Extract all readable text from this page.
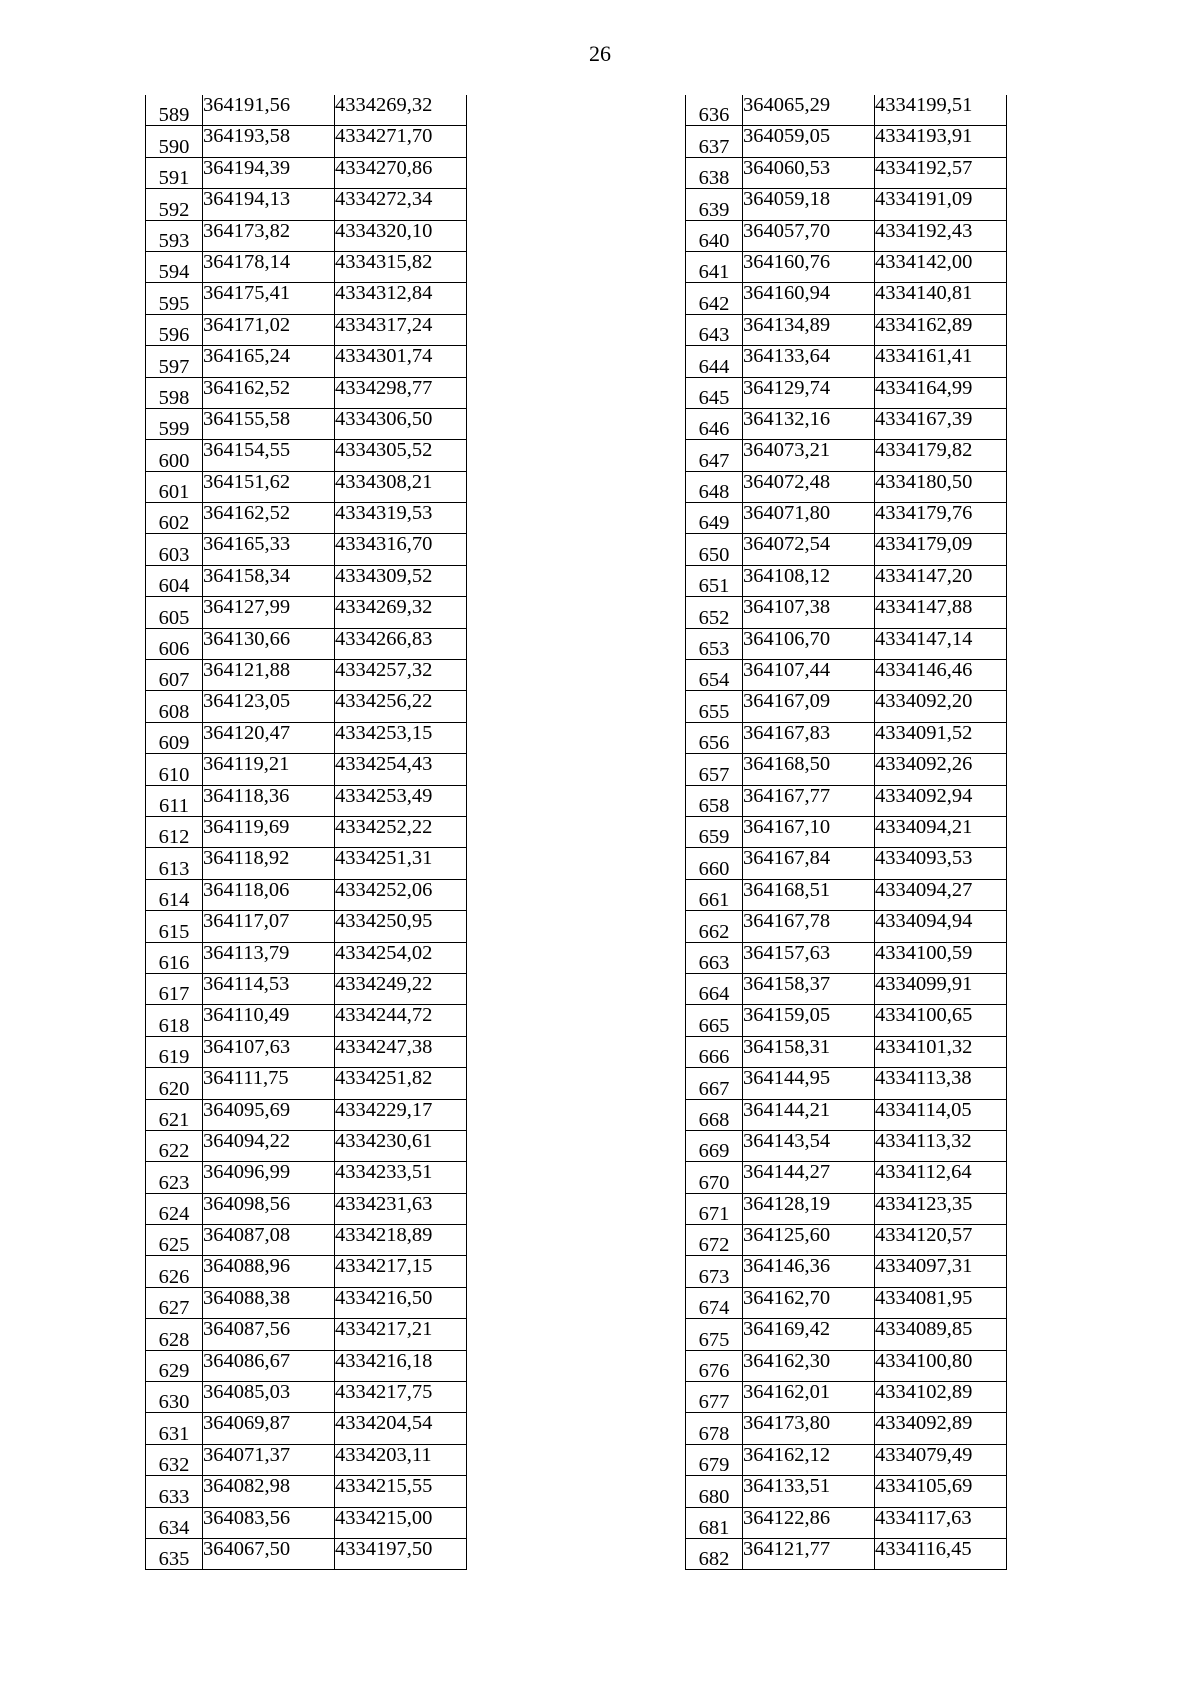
26
589	364191,56	4334269,32
590	364193,58	4334271,70
591	364194,39	4334270,86
592	364194,13	4334272,34
593	364173,82	4334320,10
594	364178,14	4334315,82
595	364175,41	4334312,84
596	364171,02	4334317,24
597	364165,24	4334301,74
598	364162,52	4334298,77
599	364155,58	4334306,50
600	364154,55	4334305,52
601	364151,62	4334308,21
602	364162,52	4334319,53
603	364165,33	4334316,70
604	364158,34	4334309,52
605	364127,99	4334269,32
606	364130,66	4334266,83
607	364121,88	4334257,32
608	364123,05	4334256,22
609	364120,47	4334253,15
610	364119,21	4334254,43
611	364118,36	4334253,49
612	364119,69	4334252,22
613	364118,92	4334251,31
614	364118,06	4334252,06
615	364117,07	4334250,95
616	364113,79	4334254,02
617	364114,53	4334249,22
618	364110,49	4334244,72
619	364107,63	4334247,38
620	364111,75	4334251,82
621	364095,69	4334229,17
622	364094,22	4334230,61
623	364096,99	4334233,51
624	364098,56	4334231,63
625	364087,08	4334218,89
626	364088,96	4334217,15
627	364088,38	4334216,50
628	364087,56	4334217,21
629	364086,67	4334216,18
630	364085,03	4334217,75
631	364069,87	4334204,54
632	364071,37	4334203,11
633	364082,98	4334215,55
634	364083,56	4334215,00
635	364067,50	4334197,50
636	364065,29	4334199,51
637	364059,05	4334193,91
638	364060,53	4334192,57
639	364059,18	4334191,09
640	364057,70	4334192,43
641	364160,76	4334142,00
642	364160,94	4334140,81
643	364134,89	4334162,89
644	364133,64	4334161,41
645	364129,74	4334164,99
646	364132,16	4334167,39
647	364073,21	4334179,82
648	364072,48	4334180,50
649	364071,80	4334179,76
650	364072,54	4334179,09
651	364108,12	4334147,20
652	364107,38	4334147,88
653	364106,70	4334147,14
654	364107,44	4334146,46
655	364167,09	4334092,20
656	364167,83	4334091,52
657	364168,50	4334092,26
658	364167,77	4334092,94
659	364167,10	4334094,21
660	364167,84	4334093,53
661	364168,51	4334094,27
662	364167,78	4334094,94
663	364157,63	4334100,59
664	364158,37	4334099,91
665	364159,05	4334100,65
666	364158,31	4334101,32
667	364144,95	4334113,38
668	364144,21	4334114,05
669	364143,54	4334113,32
670	364144,27	4334112,64
671	364128,19	4334123,35
672	364125,60	4334120,57
673	364146,36	4334097,31
674	364162,70	4334081,95
675	364169,42	4334089,85
676	364162,30	4334100,80
677	364162,01	4334102,89
678	364173,80	4334092,89
679	364162,12	4334079,49
680	364133,51	4334105,69
681	364122,86	4334117,63
682	364121,77	4334116,45
